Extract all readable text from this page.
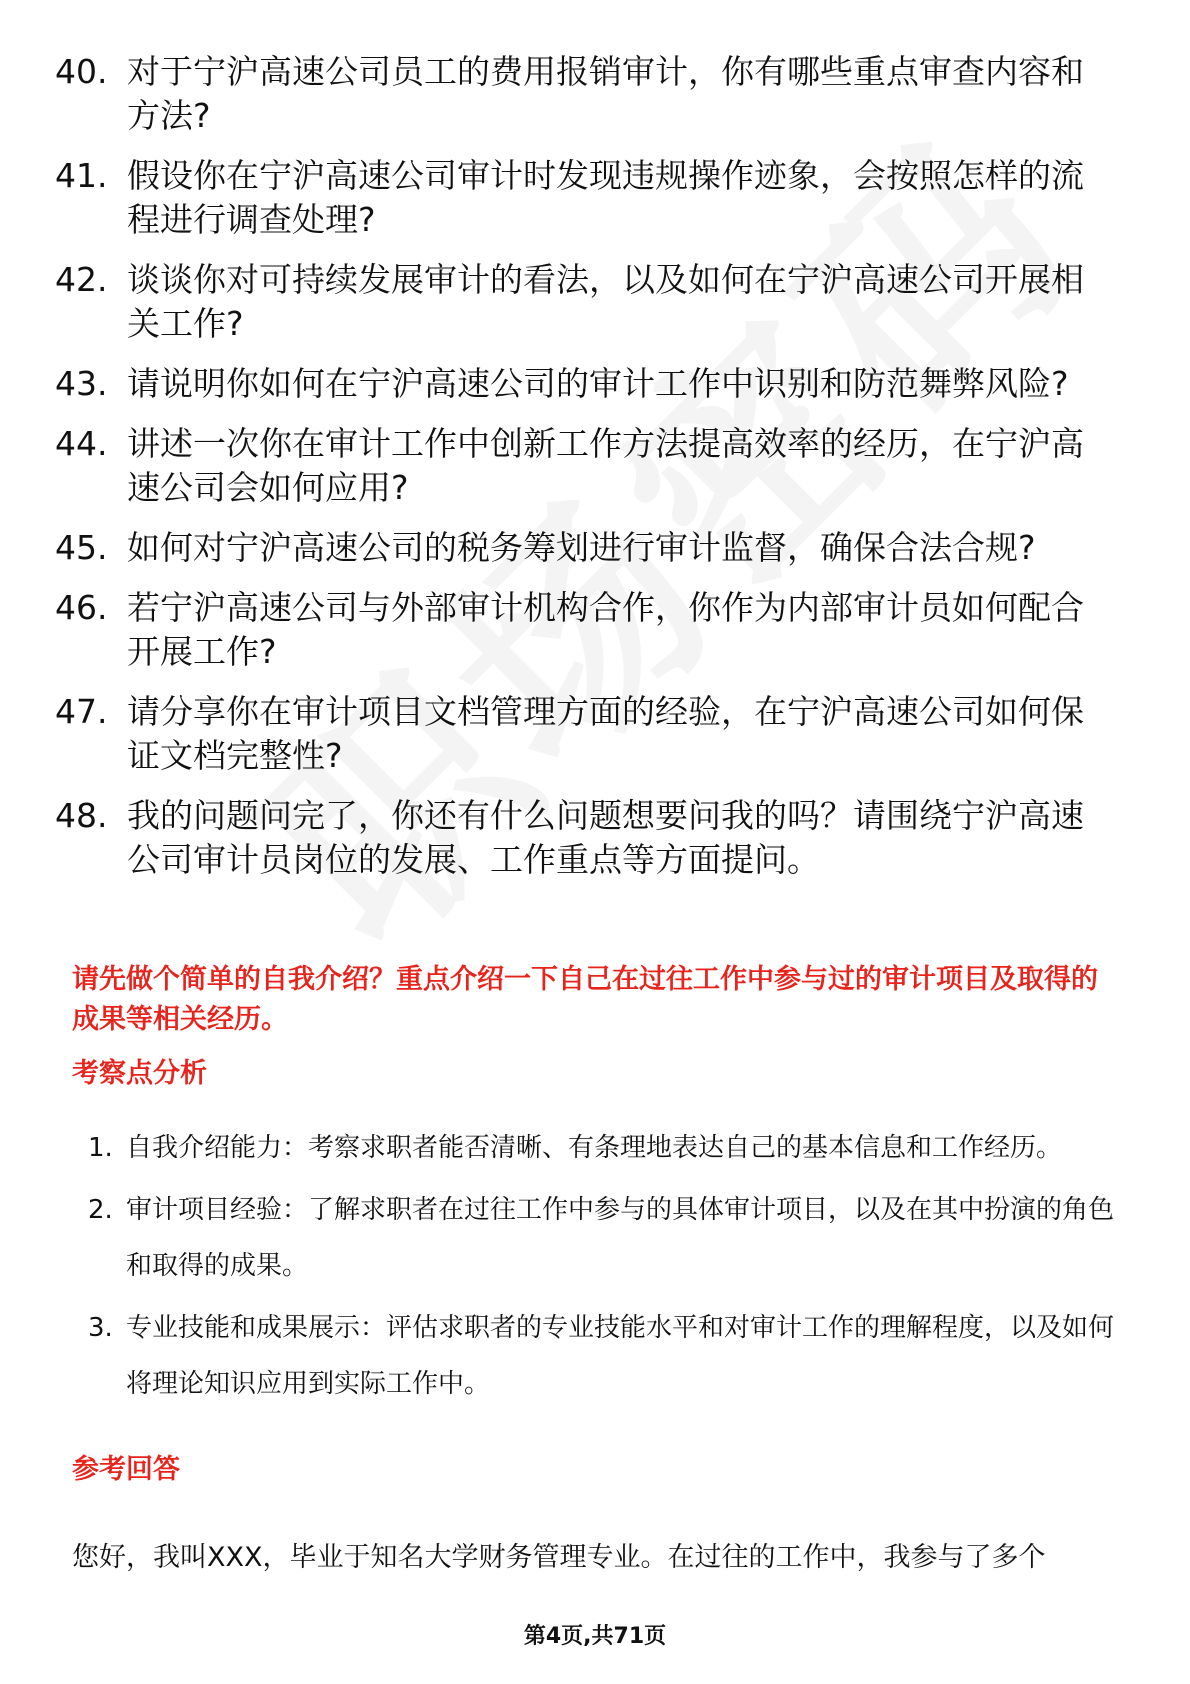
40. 对于宁沪高速公司员工的费用报销审计，你有哪些重点审查内容和方法?
41. 假设你在宁沪高速公司审计时发现违规操作迹象，会按照怎样的流程进行调查处理?
42. 谈谈你对可持续发展审计的看法，以及如何在宁沪高速公司开展相关工作?
43. 请说明你如何在宁沪高速公司的审计工作中识别和防范舞弊风险?
44. 讲述一次你在审计工作中创新工作方法提高效率的经历，在宁沪高速公司会如何应用?
45. 如何对宁沪高速公司的税务筹划进行审计监督，确保合法合规?
46. 若宁沪高速公司与外部审计机构合作，你作为内部审计员如何配合开展工作?
47. 请分享你在审计项目文档管理方面的经验，在宁沪高速公司如何保证文档完整性?
48. 我的问题问完了，你还有什么问题想要问我的吗？请围绕宁沪高速公司审计员岗位的发展、工作重点等方面提问。
请先做个简单的自我介绍？重点介绍一下自己在过往工作中参与过的审计项目及取得的成果等相关经历。
考察点分析
1. 自我介绍能力：考察求职者能否清晰、有条理地表达自己的基本信息和工作经历。
2. 审计项目经验：了解求职者在过往工作中参与的具体审计项目，以及在其中扮演的角色和取得的成果。
3. 专业技能和成果展示：评估求职者的专业技能水平和对审计工作的理解程度，以及如何将理论知识应用到实际工作中。
参考回答
您好，我叫XXX，毕业于知名大学财务管理专业。在过往的工作中，我参与了多个
第4页,共71页
